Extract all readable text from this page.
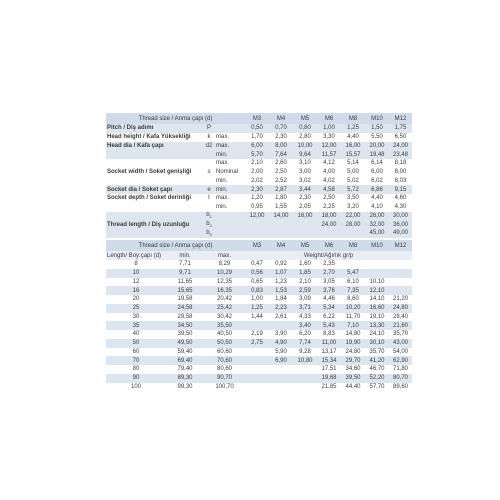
Thread size / Anma çapı (d)			M3	M4	M5	M6	M8	M10	M12
Pitch / Diş adımı	P		0,50	0,70	0,80	1,00	1,25	1,50	1,75
Head height / Kafa Yüksekliği	k	max.	1,70	2,30	2,80	3,30	4,40	5,50	6,50
Head dia / Kafa çapı	d2	max.	6,00	8,00	10,00	12,00	16,00	20,00	24,00
		min.	5,70	7,64	9,64	11,57	15,57	19,48	23,48
		max.	2,10	2,60	3,10	4,12	5,14	6,14	8,18
Socket width / Soket genişliği	s	Nominal	2,00	2,50	3,00	4,00	5,00	6,00	8,00
		min.	2,02	2,52	3,02	4,02	5,02	6,02	8,03
Socket dia / Soket çapı	e	min.	2,30	2,87	3,44	4,58	5,72	6,86	9,15
Socket depth / Soket derinliği	t	max.	1,20	1,80	2,30	2,50	3,50	4,40	4,60
		min.	0,95	1,55	2,05	2,25	3,20	4,10	4,30
	$b_1$		12,00	14,00	16,00	18,00	22,00	26,00	30,00
Thread length / Diş uzunluğu	$b_2$					24,00	28,00	32,00	36,00
	$b_3$							45,00	49,00
Thread size / Anma çapı (d)			M3	M4	M5	M6	M8	M10	M12
Length/ Boy:çapı (d)	min.	max.	Weight/Ağırlık gr/p						
8	7,71	8,29	0,47	0,92	1,60	2,35			
10	9,71	10,29	0,56	1,07	1,85	2,70	5,47		
12	11,65	12,35	0,65	1,23	2,10	3,05	6,10	10,10	
16	15,65	16,35	0,83	1,53	2,59	3,76	7,35	12,10	
20	19,58	20,42	1,00	1,84	3,09	4,46	8,60	14,10	21,20
25	24,58	25,42	1,25	2,23	3,71	5,34	10,20	16,60	24,80
30	29,58	30,42	1,44	2,61	4,33	6,22	11,70	19,10	28,40
35	34,50	35,50			3,40	5,43	7,10	13,30	21,60
40	39,50	40,50	2,19	3,90	6,20	8,83	14,80	24,10	35,70
50	49,50	50,50	2,75	4,90	7,74	11,00	19,90	30,10	43,00
60	59,40	60,60		5,90	9,28	13,17	24,80	35,70	54,00
70	69,40	70,60		6,90	10,80	15,34	29,70	41,20	62,90
80	79,40	80,60				17,51	34,60	46,70	71,80
90	89,30	90,70				19,68	39,50	52,20	80,70
100	99,30	100,70				21,85	44,40	57,70	89,60
